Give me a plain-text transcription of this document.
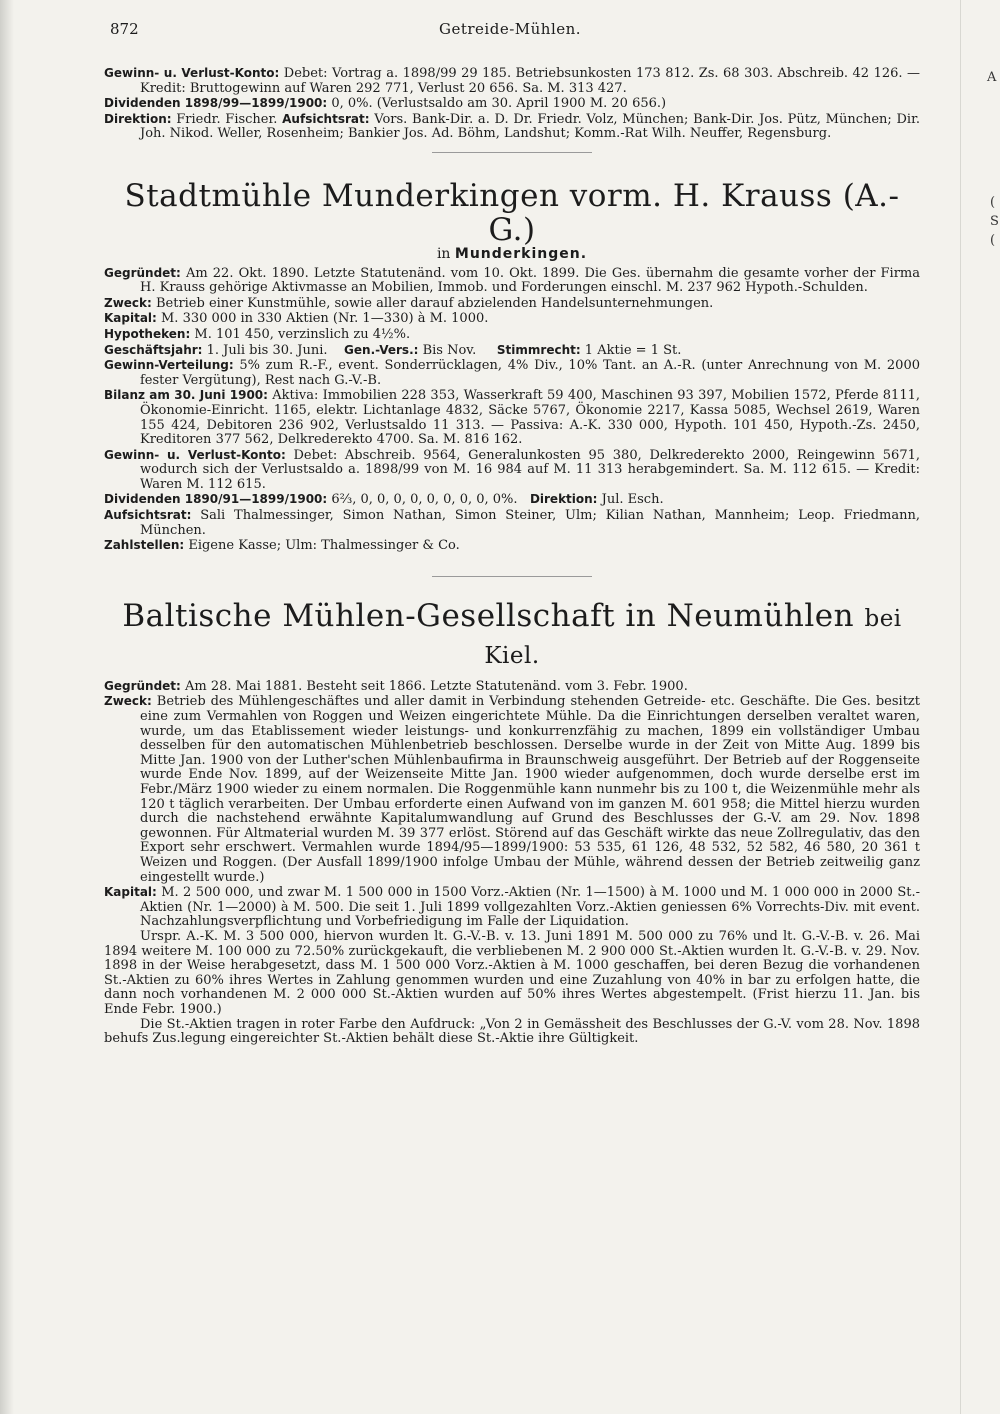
A
(
S
(
872	Getreide-Mühlen.

Gewinn- u. Verlust-Konto: Debet: Vortrag a. 1898/99 29 185. Betriebsunkosten 173 812. Zs. 68 303. Abschreib. 42 126. — Kredit: Bruttogewinn auf Waren 292 771, Verlust 20 656. Sa. M. 313 427.

Dividenden 1898/99—1899/1900: 0, 0%. (Verlustsaldo am 30. April 1900 M. 20 656.)

Direktion: Friedr. Fischer. Aufsichtsrat: Vors. Bank-Dir. a. D. Dr. Friedr. Volz, München; Bank-Dir. Jos. Pütz, München; Dir. Joh. Nikod. Weller, Rosenheim; Bankier Jos. Ad. Böhm, Landshut; Komm.-Rat Wilh. Neuffer, Regensburg.

Stadtmühle Munderkingen vorm. H. Krauss (A.-G.)
in Munderkingen.

Gegründet: Am 22. Okt. 1890. Letzte Statutenänd. vom 10. Okt. 1899. Die Ges. übernahm die gesamte vorher der Firma H. Krauss gehörige Aktivmasse an Mobilien, Immob. und Forderungen einschl. M. 237 962 Hypoth.-Schulden.

Zweck: Betrieb einer Kunstmühle, sowie aller darauf abzielenden Handelsunternehmungen.

Kapital: M. 330 000 in 330 Aktien (Nr. 1—330) à M. 1000.

Hypotheken: M. 101 450, verzinslich zu 4½%.

Geschäftsjahr: 1. Juli bis 30. Juni. Gen.-Vers.: Bis Nov. Stimmrecht: 1 Aktie = 1 St.

Gewinn-Verteilung: 5% zum R.-F., event. Sonderrücklagen, 4% Div., 10% Tant. an A.-R. (unter Anrechnung von M. 2000 fester Vergütung), Rest nach G.-V.-B.

Bilanz am 30. Juni 1900: Aktiva: Immobilien 228 353, Wasserkraft 59 400, Maschinen 93 397, Mobilien 1572, Pferde 8111, Ökonomie-Einricht. 1165, elektr. Lichtanlage 4832, Säcke 5767, Ökonomie 2217, Kassa 5085, Wechsel 2619, Waren 155 424, Debitoren 236 902, Verlustsaldo 11 313. — Passiva: A.-K. 330 000, Hypoth. 101 450, Hypoth.-Zs. 2450, Kreditoren 377 562, Delkrederekto 4700. Sa. M. 816 162.

Gewinn- u. Verlust-Konto: Debet: Abschreib. 9564, Generalunkosten 95 380, Delkrederekto 2000, Reingewinn 5671, wodurch sich der Verlustsaldo a. 1898/99 von M. 16 984 auf M. 11 313 herabgemindert. Sa. M. 112 615. — Kredit: Waren M. 112 615.

Dividenden 1890/91—1899/1900: 6⅔, 0, 0, 0, 0, 0, 0, 0, 0, 0%. Direktion: Jul. Esch.

Aufsichtsrat: Sali Thalmessinger, Simon Nathan, Simon Steiner, Ulm; Kilian Nathan, Mannheim; Leop. Friedmann, München.

Zahlstellen: Eigene Kasse; Ulm: Thalmessinger & Co.

Baltische Mühlen-Gesellschaft in Neumühlen bei Kiel.

Gegründet: Am 28. Mai 1881. Besteht seit 1866. Letzte Statutenänd. vom 3. Febr. 1900.

Zweck: Betrieb des Mühlengeschäftes und aller damit in Verbindung stehenden Getreide- etc. Geschäfte. Die Ges. besitzt eine zum Vermahlen von Roggen und Weizen eingerichtete Mühle. Da die Einrichtungen derselben veraltet waren, wurde, um das Etablissement wieder leistungs- und konkurrenzfähig zu machen, 1899 ein vollständiger Umbau desselben für den automatischen Mühlenbetrieb beschlossen. Derselbe wurde in der Zeit von Mitte Aug. 1899 bis Mitte Jan. 1900 von der Luther'schen Mühlenbaufirma in Braunschweig ausgeführt. Der Betrieb auf der Roggenseite wurde Ende Nov. 1899, auf der Weizenseite Mitte Jan. 1900 wieder aufgenommen, doch wurde derselbe erst im Febr./März 1900 wieder zu einem normalen. Die Roggenmühle kann nunmehr bis zu 100 t, die Weizenmühle mehr als 120 t täglich verarbeiten. Der Umbau erforderte einen Aufwand von im ganzen M. 601 958; die Mittel hierzu wurden durch die nachstehend erwähnte Kapitalumwandlung auf Grund des Beschlusses der G.-V. am 29. Nov. 1898 gewonnen. Für Altmaterial wurden M. 39 377 erlöst. Störend auf das Geschäft wirkte das neue Zollregulativ, das den Export sehr erschwert. Vermahlen wurde 1894/95—1899/1900: 53 535, 61 126, 48 532, 52 582, 46 580, 20 361 t Weizen und Roggen. (Der Ausfall 1899/1900 infolge Umbau der Mühle, während dessen der Betrieb zeitweilig ganz eingestellt wurde.)

Kapital: M. 2 500 000, und zwar M. 1 500 000 in 1500 Vorz.-Aktien (Nr. 1—1500) à M. 1000 und M. 1 000 000 in 2000 St.-Aktien (Nr. 1—2000) à M. 500. Die seit 1. Juli 1899 vollgezahlten Vorz.-Aktien geniessen 6% Vorrechts-Div. mit event. Nachzahlungsverpflichtung und Vorbefriedigung im Falle der Liquidation.

Urspr. A.-K. M. 3 500 000, hiervon wurden lt. G.-V.-B. v. 13. Juni 1891 M. 500 000 zu 76% und lt. G.-V.-B. v. 26. Mai 1894 weitere M. 100 000 zu 72.50% zurückgekauft, die verbliebenen M. 2 900 000 St.-Aktien wurden lt. G.-V.-B. v. 29. Nov. 1898 in der Weise herabgesetzt, dass M. 1 500 000 Vorz.-Aktien à M. 1000 geschaffen, bei deren Bezug die vorhandenen St.-Aktien zu 60% ihres Wertes in Zahlung genommen wurden und eine Zuzahlung von 40% in bar zu erfolgen hatte, die dann noch vorhandenen M. 2 000 000 St.-Aktien wurden auf 50% ihres Wertes abgestempelt. (Frist hierzu 11. Jan. bis Ende Febr. 1900.)

Die St.-Aktien tragen in roter Farbe den Aufdruck: „Von 2 in Gemässheit des Beschlusses der G.-V. vom 28. Nov. 1898 behufs Zus.legung eingereichter St.-Aktien behält diese St.-Aktie ihre Gültigkeit.
